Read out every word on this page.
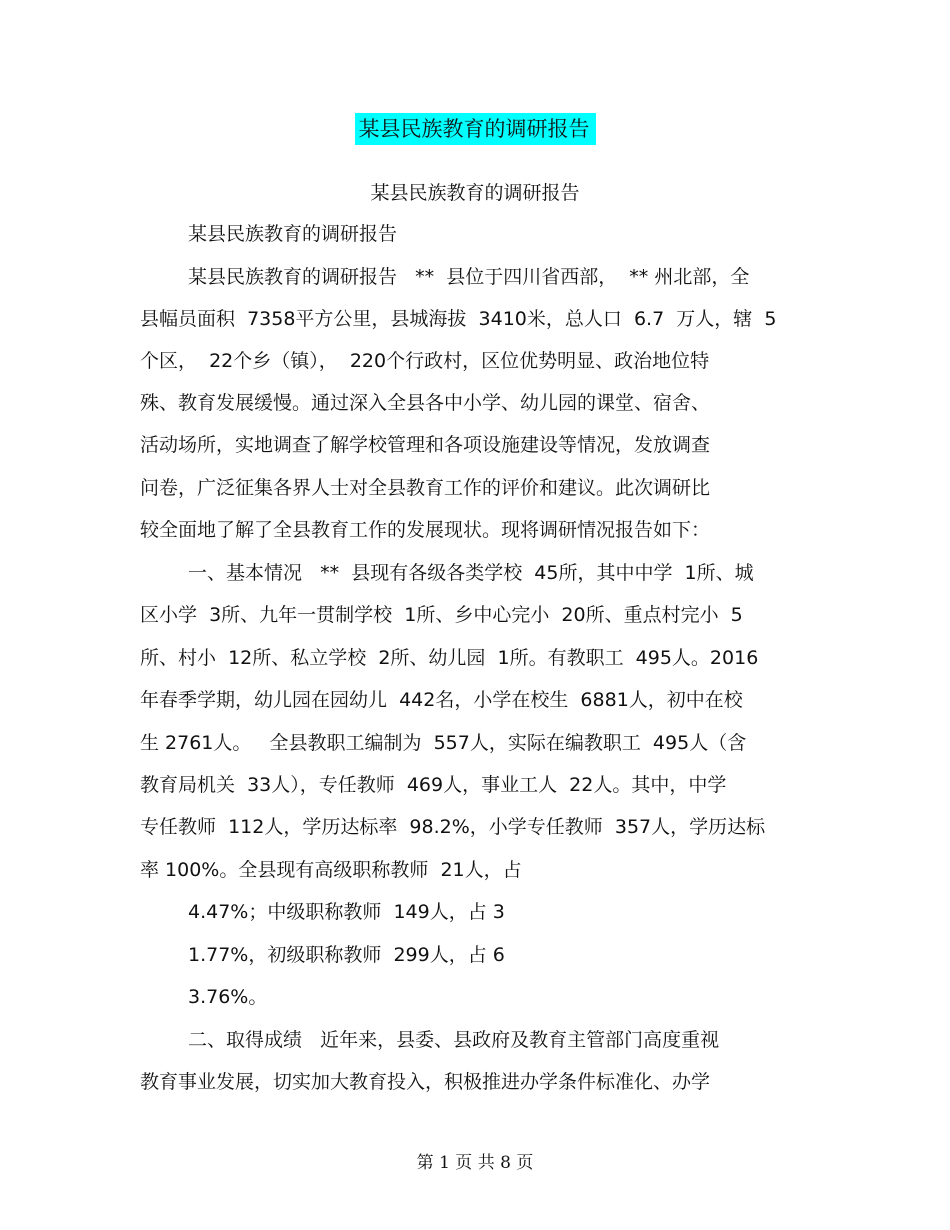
某县民族教育的调研报告
某县民族教育的调研报告
某县民族教育的调研报告
某县民族教育的调研报告   **  县位于四川省西部，  ** 州北部，全
县幅员面积  7358平方公里，县城海拔  3410米，总人口  6.7  万人，辖  5
个区，  22个乡（镇），  220个行政村，区位优势明显、政治地位特
殊、教育发展缓慢。通过深入全县各中小学、幼儿园的课堂、宿舍、
活动场所，实地调查了解学校管理和各项设施建设等情况，发放调查
问卷，广泛征集各界人士对全县教育工作的评价和建议。此次调研比
较全面地了解了全县教育工作的发展现状。现将调研情况报告如下：
一、基本情况   **  县现有各级各类学校  45所，其中中学  1所、城
区小学  3所、九年一贯制学校  1所、乡中心完小  20所、重点村完小  5
所、村小  12所、私立学校  2所、幼儿园  1所。有教职工  495人。2016
年春季学期，幼儿园在园幼儿  442名，小学在校生  6881人，初中在校
生 2761人。   全县教职工编制为  557人，实际在编教职工  495人（含
教育局机关  33人），专任教师  469人，事业工人  22人。其中，中学
专任教师  112人，学历达标率  98.2%，小学专任教师  357人，学历达标
率 100%。全县现有高级职称教师  21人，占
4.47%；中级职称教师  149人，占 3
1.77%，初级职称教师  299人，占 6
3.76%。
二、取得成绩   近年来，县委、县政府及教育主管部门高度重视
教育事业发展，切实加大教育投入，积极推进办学条件标准化、办学
第 1 页 共 8 页
